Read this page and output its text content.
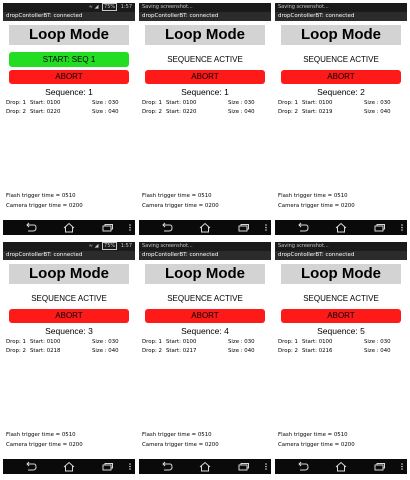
≈ ◢ 75% 1:57
dropContollerBT: connected
Loop Mode
START: SEQ 1
ABORT
Sequence: 1
Drop: 1 Start: 0100	Size : 030
Drop: 2 Start: 0220	Size : 040
Flash trigger time = 0510
Camera trigger time = 0200
Saving screenshot...
dropContollerBT: connected
Loop Mode
SEQUENCE ACTIVE
ABORT
Sequence: 1
Drop: 1 Start: 0100	Size : 030
Drop: 2 Start: 0220	Size : 040
Flash trigger time = 0510
Camera trigger time = 0200
Saving screenshot...
dropContollerBT: connected
Loop Mode
SEQUENCE ACTIVE
ABORT
Sequence: 2
Drop: 1 Start: 0100	Size : 030
Drop: 2 Start: 0219	Size : 040
Flash trigger time = 0510
Camera trigger time = 0200
≈ ◢ 75% 1:57
dropContollerBT: connected
Loop Mode
SEQUENCE ACTIVE
ABORT
Sequence: 3
Drop: 1 Start: 0100	Size : 030
Drop: 2 Start: 0218	Size : 040
Flash trigger time = 0510
Camera trigger time = 0200
Saving screenshot...
dropContollerBT: connected
Loop Mode
SEQUENCE ACTIVE
ABORT
Sequence: 4
Drop: 1 Start: 0100	Size : 030
Drop: 2 Start: 0217	Size : 040
Flash trigger time = 0510
Camera trigger time = 0200
Saving screenshot...
dropContollerBT: connected
Loop Mode
SEQUENCE ACTIVE
ABORT
Sequence: 5
Drop: 1 Start: 0100	Size : 030
Drop: 2 Start: 0216	Size : 040
Flash trigger time = 0510
Camera trigger time = 0200
